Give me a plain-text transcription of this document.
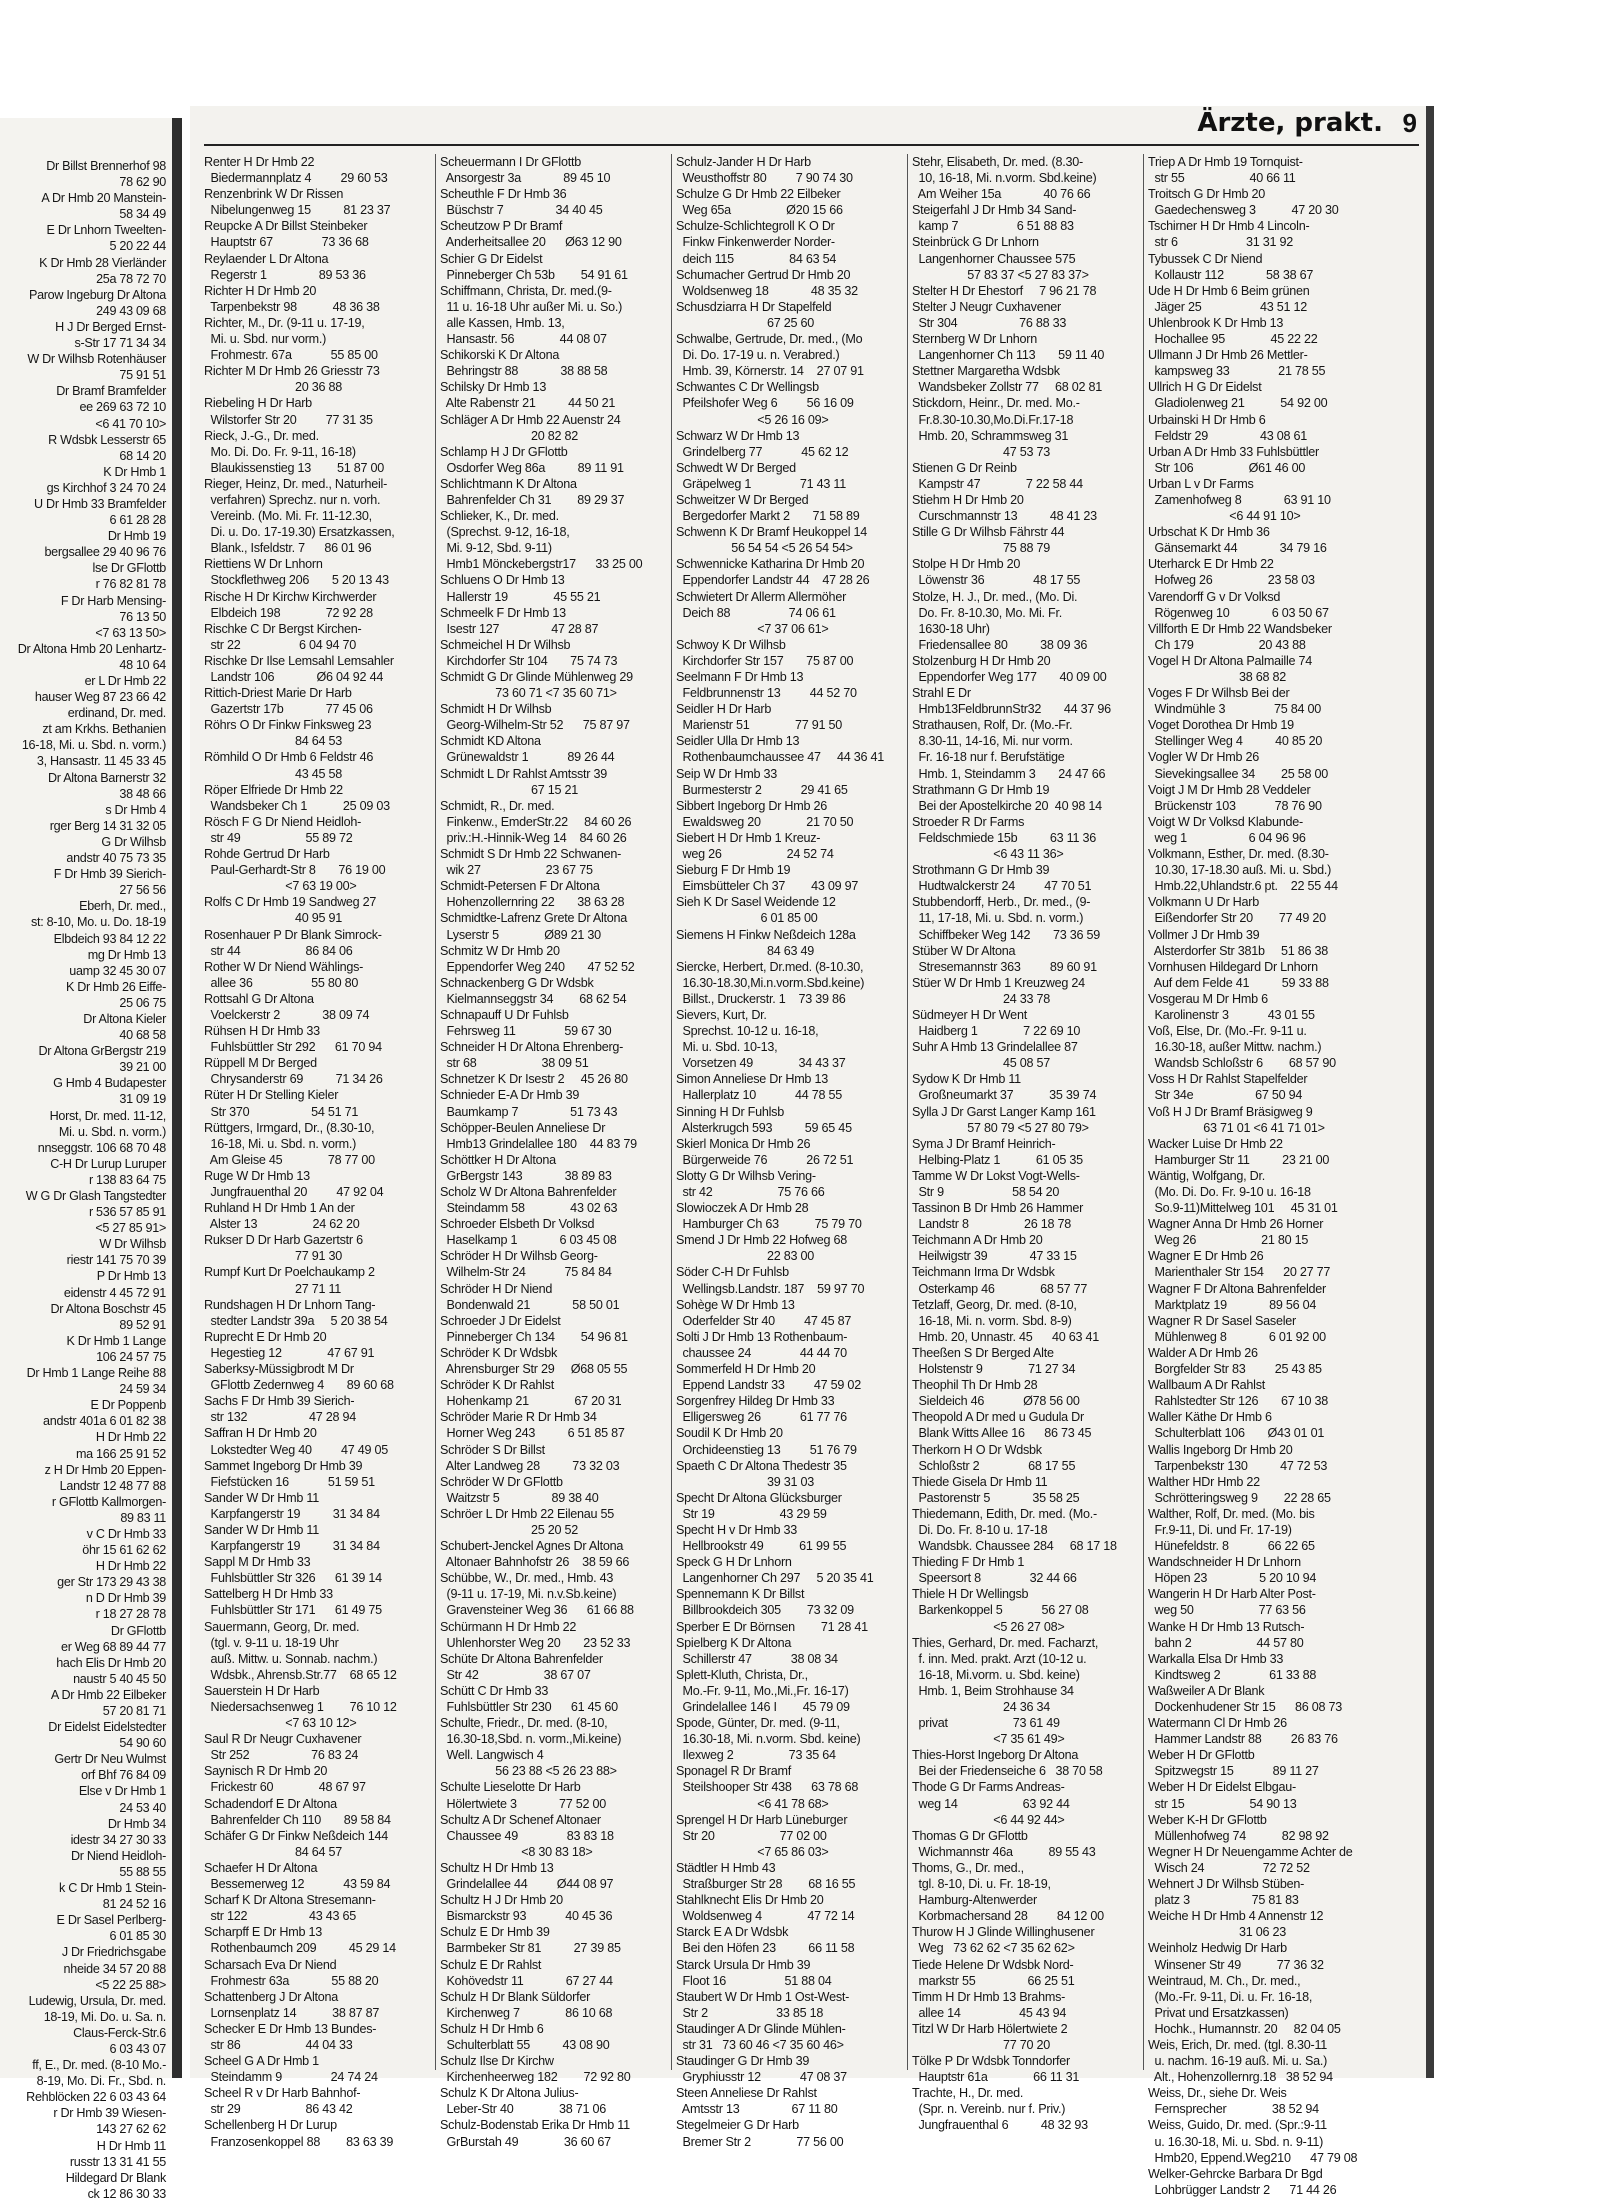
Dr Billst Brennerhof 98
78 62 90
A Dr Hmb 20 Manstein-
58 34 49
E Dr Lnhorn Tweelten-
5 20 22 44
K Dr Hmb 28 Vierländer
25a 78 72 70
Parow Ingeburg Dr Altona
249 43 09 68
H J Dr Berged Ernst-
s-Str 17 71 34 34
W Dr Wilhsb Rotenhäuser
75 91 51
Dr Bramf Bramfelder
ee 269 63 72 10
<6 41 70 10>
R Wdsbk Lesserstr 65
68 14 20
K Dr Hmb 1
gs Kirchhof 3 24 70 24
U Dr Hmb 33 Bramfelder
6 61 28 28
Dr Hmb 19
bergsallee 29 40 96 76
lse Dr GFlottb
r 76 82 81 78
F Dr Harb Mensing-
76 13 50
<7 63 13 50>
Dr Altona Hmb 20 Lenhartz-
48 10 64
er L Dr Hmb 22
hauser Weg 87 23 66 42
erdinand, Dr. med.
zt am Krkhs. Bethanien
16-18, Mi. u. Sbd. n. vorm.)
3, Hansastr. 11 45 33 45
Dr Altona Barnerstr 32
38 48 66
s Dr Hmb 4
rger Berg 14 31 32 05
G Dr Wilhsb
andstr 40 75 73 35
F Dr Hmb 39 Sierich-
27 56 56
Eberh, Dr. med.,
st: 8-10, Mo. u. Do. 18-19
Elbdeich 93 84 12 22
mg Dr Hmb 13
uamp 32 45 30 07
K Dr Hmb 26 Eiffe-
25 06 75
Dr Altona Kieler
40 68 58
Dr Altona GrBergstr 219
39 21 00
G Hmb 4 Budapester
31 09 19
Horst, Dr. med. 11-12,
Mi. u. Sbd. n. vorm.)
nnseggstr. 106 68 70 48
C-H Dr Lurup Luruper
r 138 83 64 75
W G Dr Glash Tangstedter
r 536 57 85 91
<5 27 85 91>
W Dr Wilhsb
riestr 141 75 70 39
P Dr Hmb 13
eidenstr 4 45 72 91
Dr Altona Boschstr 45
89 52 91
K Dr Hmb 1 Lange
106 24 57 75
Dr Hmb 1 Lange Reihe 88
24 59 34
E Dr Poppenb
andstr 401a 6 01 82 38
H Dr Hmb 22
ma 166 25 91 52
z H Dr Hmb 20 Eppen-
Landstr 12 48 77 88
r GFlottb Kallmorgen-
89 83 11
v C Dr Hmb 33
öhr 15 61 62 62
H Dr Hmb 22
ger Str 173 29 43 38
n D Dr Hmb 39
r 18 27 28 78
Dr GFlottb
er Weg 68 89 44 77
hach Elis Dr Hmb 20
naustr 5 40 45 50
A Dr Hmb 22 Eilbeker
57 20 81 71
Dr Eidelst Eidelstedter
54 90 60
Gertr Dr Neu Wulmst
orf Bhf 76 84 09
Else v Dr Hmb 1
24 53 40
Dr Hmb 34
idestr 34 27 30 33
Dr Niend Heidloh-
55 88 55
k C Dr Hmb 1 Stein-
81 24 52 16
E Dr Sasel Perlberg-
6 01 85 30
J Dr Friedrichsgabe
nheide 34 57 20 88
<5 22 25 88>
Ludewig, Ursula, Dr. med.
18-19, Mi. Do. u. Sa. n.
Claus-Ferck-Str.6
6 03 43 07
ff, E., Dr. med. (8-10 Mo.-
8-19, Mo. Di. Fr., Sbd. n.
Rehblöcken 22 6 03 43 64
r Dr Hmb 39 Wiesen-
143 27 62 62
H Dr Hmb 11
russtr 13 31 41 55
Hildegard Dr Blank
ck 12 86 30 33
Ärzte, prakt. 9
Renter H Dr Hmb 22
Biedermannplatz 4         29 60 53
Renzenbrink W Dr Rissen
Nibelungenweg 15          81 23 37
Reupcke A Dr Billst Steinbeker
Hauptstr 67               73 36 68
Reylaender L Dr Altona
Regerstr 1                89 53 36
Richter H Dr Hmb 20
Tarpenbekstr 98           48 36 38
Richter, M., Dr. (9-11 u. 17-19,
Mi. u. Sbd. nur vorm.)
Frohmestr. 67a            55 85 00
Richter M Dr Hmb 26 Griesstr 73
20 36 88
Riebeling H Dr Harb
Wilstorfer Str 20         77 31 35
Rieck, J.-G., Dr. med.
Mo. Di. Do. Fr. 9-11, 16-18)
Blaukissenstieg 13        51 87 00
Rieger, Heinz, Dr. med., Naturheil-
verfahren) Sprechz. nur n. vorh.
Vereinb. (Mo. Mi. Fr. 11-12.30,
Di. u. Do. 17-19.30) Ersatzkassen,
Blank., Isfeldstr. 7      86 01 96
Riettiens W Dr Lnhorn
Stockflethweg 206       5 20 13 43
Rische H Dr Kirchw Kirchwerder
Elbdeich 198              72 92 28
Rischke C Dr Bergst Kirchen-
str 22                  6 04 94 70
Rischke Dr Ilse Lemsahl Lemsahler
Landstr 106             Ø6 04 92 44
Rittich-Driest Marie Dr Harb
Gazertstr 17b             77 45 06
Röhrs O Dr Finkw Finksweg 23
84 64 53
Römhild O Dr Hmb 6 Feldstr 46
43 45 58
Röper Elfriede Dr Hmb 22
Wandsbeker Ch 1           25 09 03
Rösch F G Dr Niend Heidloh-
str 49                    55 89 72
Rohde Gertrud Dr Harb
Paul-Gerhardt-Str 8       76 19 00
<7 63 19 00>
Rolfs C Dr Hmb 19 Sandweg 27
40 95 91
Rosenhauer P Dr Blank Simrock-
str 44                    86 84 06
Rother W Dr Niend Wählings-
allee 36                  55 80 80
Rottsahl G Dr Altona
Voelckerstr 2             38 09 74
Rühsen H Dr Hmb 33
Fuhlsbüttler Str 292      61 70 94
Rüppell M Dr Berged
Chrysanderstr 69          71 34 26
Rüter H Dr Stelling Kieler
Str 370                   54 51 71
Rüttgers, Irmgard, Dr., (8.30-10,
16-18, Mi. u. Sbd. n. vorm.)
Am Gleise 45              78 77 00
Ruge W Dr Hmb 13
Jungfrauenthal 20         47 92 04
Ruhland H Dr Hmb 1 An der
Alster 13                 24 62 20
Rukser D Dr Harb Gazertstr 6
77 91 30
Rumpf Kurt Dr Poelchaukamp 2
27 71 11
Rundshagen H Dr Lnhorn Tang-
stedter Landstr 39a     5 20 38 54
Ruprecht E Dr Hmb 20
Hegestieg 12              47 67 91
Saberksy-Müssigbrodt M Dr
GFlottb Zedernweg 4       89 60 68
Sachs F Dr Hmb 39 Sierich-
str 132                   47 28 94
Saffran H Dr Hmb 20
Lokstedter Weg 40         47 49 05
Sammet Ingeborg Dr Hmb 39
Fiefstücken 16            51 59 51
Sander W Dr Hmb 11
Karpfangerstr 19          31 34 84
Sander W Dr Hmb 11
Karpfangerstr 19          31 34 84
Sappl M Dr Hmb 33
Fuhlsbüttler Str 326      61 39 14
Sattelberg H Dr Hmb 33
Fuhlsbüttler Str 171      61 49 75
Sauermann, Georg, Dr. med.
(tgl. v. 9-11 u. 18-19 Uhr
auß. Mittw. u. Sonnab. nachm.)
Wdsbk., Ahrensb.Str.77    68 65 12
Sauerstein H Dr Harb
Niedersachsenweg 1        76 10 12
<7 63 10 12>
Saul R Dr Neugr Cuxhavener
Str 252                   76 83 24
Saynisch R Dr Hmb 20
Frickestr 60              48 67 97
Schadendorf E Dr Altona
Bahrenfelder Ch 110       89 58 84
Schäfer G Dr Finkw Neßdeich 144
84 64 57
Schaefer H Dr Altona
Bessemerweg 12            43 59 84
Scharf K Dr Altona Stresemann-
str 122                   43 43 65
Scharpff E Dr Hmb 13
Rothenbaumch 209          45 29 14
Scharsach Eva Dr Niend
Frohmestr 63a             55 88 20
Schattenberg J Dr Altona
Lornsenplatz 14           38 87 87
Schecker E Dr Hmb 13 Bundes-
str 86                    44 04 33
Scheel G A Dr Hmb 1
Steindamm 9               24 74 24
Scheel R v Dr Harb Bahnhof-
str 29                    86 43 42
Schellenberg H Dr Lurup
Franzosenkoppel 88        83 63 39
Scheuermann I Dr GFlottb
Ansorgestr 3a             89 45 10
Scheuthle F Dr Hmb 36
Büschstr 7                34 40 45
Scheutzow P Dr Bramf
Anderheitsallee 20      Ø63 12 90
Schier G Dr Eidelst
Pinneberger Ch 53b        54 91 61
Schiffmann, Christa, Dr. med.(9-
11 u. 16-18 Uhr außer Mi. u. So.)
alle Kassen, Hmb. 13,
Hansastr. 56              44 08 07
Schikorski K Dr Altona
Behringstr 88             38 88 58
Schilsky Dr Hmb 13
Alte Rabenstr 21          44 50 21
Schläger A Dr Hmb 22 Auenstr 24
20 82 82
Schlamp H J Dr GFlottb
Osdorfer Weg 86a          89 11 91
Schlichtmann K Dr Altona
Bahrenfelder Ch 31        89 29 37
Schlieker, K., Dr. med.
(Sprechst. 9-12, 16-18,
Mi. 9-12, Sbd. 9-11)
Hmb1 Mönckebergstr17      33 25 00
Schluens O Dr Hmb 13
Hallerstr 19              45 55 21
Schmeelk F Dr Hmb 13
Isestr 127                47 28 87
Schmeichel H Dr Wilhsb
Kirchdorfer Str 104       75 74 73
Schmidt G Dr Glinde Mühlenweg 29
73 60 71 <7 35 60 71>
Schmidt H Dr Wilhsb
Georg-Wilhelm-Str 52      75 87 97
Schmidt KD Altona
Grünewaldstr 1            89 26 44
Schmidt L Dr Rahlst Amtsstr 39
67 15 21
Schmidt, R., Dr. med.
Finkenw., EmderStr.22     84 60 26
priv.:H.-Hinnik-Weg 14    84 60 26
Schmidt S Dr Hmb 22 Schwanen-
wik 27                    23 67 75
Schmidt-Petersen F Dr Altona
Hohenzollernring 22       38 63 28
Schmidtke-Lafrenz Grete Dr Altona
Lyserstr 5              Ø89 21 30
Schmitz W Dr Hmb 20
Eppendorfer Weg 240       47 52 52
Schnackenberg G Dr Wdsbk
Kielmannseggstr 34        68 62 54
Schnapauff U Dr Fuhlsb
Fehrsweg 11               59 67 30
Schneider H Dr Altona Ehrenberg-
str 68                    38 09 51
Schnetzer K Dr Isestr 2     45 26 80
Schnieder E-A Dr Hmb 39
Baumkamp 7                51 73 43
Schöpper-Beulen Anneliese Dr
Hmb13 Grindelallee 180    44 83 79
Schöttker H Dr Altona
GrBergstr 143             38 89 83
Scholz W Dr Altona Bahrenfelder
Steindamm 58              43 02 63
Schroeder Elsbeth Dr Volksd
Haselkamp 1             6 03 45 08
Schröder H Dr Wilhsb Georg-
Wilhelm-Str 24            75 84 84
Schröder H Dr Niend
Bondenwald 21             58 50 01
Schroeder J Dr Eidelst
Pinneberger Ch 134        54 96 81
Schröder K Dr Wdsbk
Ahrensburger Str 29     Ø68 05 55
Schröder K Dr Rahlst
Hohenkamp 21              67 20 31
Schröder Marie R Dr Hmb 34
Horner Weg 243          6 51 85 87
Schröder S Dr Billst
Alter Landweg 28          73 32 03
Schröder W Dr GFlottb
Waitzstr 5                89 38 40
Schröer L Dr Hmb 22 Eilenau 55
25 20 52
Schubert-Jenckel Agnes Dr Altona
Altonaer Bahnhofstr 26    38 59 66
Schübbe, W., Dr. med., Hmb. 43
(9-11 u. 17-19, Mi. n.v.Sb.keine)
Gravensteiner Weg 36      61 66 88
Schürmann H Dr Hmb 22
Uhlenhorster Weg 20       23 52 33
Schüte Dr Altona Bahrenfelder
Str 42                    38 67 07
Schütt C Dr Hmb 33
Fuhlsbüttler Str 230      61 45 60
Schulte, Friedr., Dr. med. (8-10,
16.30-18,Sbd. n. vorm.,Mi.keine)
Well. Langwisch 4
56 23 88 <5 26 23 88>
Schulte Lieselotte Dr Harb
Hölertwiete 3             77 52 00
Schultz A Dr Schenef Altonaer
Chaussee 49               83 83 18
<8 30 83 18>
Schultz H Dr Hmb 13
Grindelallee 44         Ø44 08 97
Schultz H J Dr Hmb 20
Bismarckstr 93            40 45 36
Schulz E Dr Hmb 39
Barmbeker Str 81          27 39 85
Schulz E Dr Rahlst
Kohövedstr 11             67 27 44
Schulz H Dr Blank Süldorfer
Kirchenweg 7              86 10 68
Schulz H Dr Hmb 6
Schulterblatt 55          43 08 90
Schulz Ilse Dr Kirchw
Kirchenheerweg 182        72 92 80
Schulz K Dr Altona Julius-
Leber-Str 40              38 71 06
Schulz-Bodenstab Erika Dr Hmb 11
GrBurstah 49              36 60 67
Schulz-Jander H Dr Harb
Weusthoffstr 80         7 90 74 30
Schulze G Dr Hmb 22 Eilbeker
Weg 65a                 Ø20 15 66
Schulze-Schlichtegroll K O Dr
Finkw Finkenwerder Norder-
deich 115                 84 63 54
Schumacher Gertrud Dr Hmb 20
Woldsenweg 18             48 35 32
Schusdziarra H Dr Stapelfeld
67 25 60
Schwalbe, Gertrude, Dr. med., (Mo
Di. Do. 17-19 u. n. Verabred.)
Hmb. 39, Körnerstr. 14    27 07 91
Schwantes C Dr Wellingsb
Pfeilshofer Weg 6         56 16 09
<5 26 16 09>
Schwarz W Dr Hmb 13
Grindelberg 77            45 62 12
Schwedt W Dr Berged
Gräpelweg 1               71 43 11
Schweitzer W Dr Berged
Bergedorfer Markt 2       71 58 89
Schwenn K Dr Bramf Heukoppel 14
56 54 54 <5 26 54 54>
Schwennicke Katharina Dr Hmb 20
Eppendorfer Landstr 44    47 28 26
Schwietert Dr Allerm Allermöher
Deich 88                  74 06 61
<7 37 06 61>
Schwoy K Dr Wilhsb
Kirchdorfer Str 157       75 87 00
Seelmann F Dr Hmb 13
Feldbrunnenstr 13         44 52 70
Seidler H Dr Harb
Marienstr 51              77 91 50
Seidler Ulla Dr Hmb 13
Rothenbaumchaussee 47     44 36 41
Seip W Dr Hmb 33
Burmesterstr 2            29 41 65
Sibbert Ingeborg Dr Hmb 26
Ewaldsweg 20              21 70 50
Siebert H Dr Hmb 1 Kreuz-
weg 26                    24 52 74
Sieburg F Dr Hmb 19
Eimsbütteler Ch 37        43 09 97
Sieh K Dr Sasel Weidende 12
6 01 85 00
Siemens H Finkw Neßdeich 128a
84 63 49
Siercke, Herbert, Dr.med. (8-10.30,
16.30-18.30,Mi.n.vorm.Sbd.keine)
Billst., Druckerstr. 1    73 39 86
Sievers, Kurt, Dr.
Sprechst. 10-12 u. 16-18,
Mi. u. Sbd. 10-13,
Vorsetzen 49              34 43 37
Simon Anneliese Dr Hmb 13
Hallerplatz 10            44 78 55
Sinning H Dr Fuhlsb
Alsterkrugch 593          59 65 45
Skierl Monica Dr Hmb 26
Bürgerweide 76            26 72 51
Slotty G Dr Wilhsb Vering-
str 42                    75 76 66
Slowioczek A Dr Hmb 28
Hamburger Ch 63           75 79 70
Smend J Dr Hmb 22 Hofweg 68
22 83 00
Söder C-H Dr Fuhlsb
Wellingsb.Landstr. 187    59 97 70
Sohège W Dr Hmb 13
Oderfelder Str 40         47 45 87
Solti J Dr Hmb 13 Rothenbaum-
chaussee 24               44 44 70
Sommerfeld H Dr Hmb 20
Eppend Landstr 33         47 59 02
Sorgenfrey Hildeg Dr Hmb 33
Elligersweg 26            61 77 76
Soudil K Dr Hmb 20
Orchideenstieg 13         51 76 79
Spaeth C Dr Altona Thedestr 35
39 31 03
Specht Dr Altona Glücksburger
Str 19                    43 29 59
Specht H v Dr Hmb 33
Hellbrookstr 49           61 99 55
Speck G H Dr Lnhorn
Langenhorner Ch 297     5 20 35 41
Spennemann K Dr Billst
Billbrookdeich 305        73 32 09
Sperber E Dr Börnsen        71 28 41
Spielberg K Dr Altona
Schillerstr 47            38 08 34
Splett-Kluth, Christa, Dr.,
Mo.-Fr. 9-11, Mo.,Mi.,Fr. 16-17)
Grindelallee 146 I        45 79 09
Spode, Günter, Dr. med. (9-11,
16.30-18, Mi. n.vorm. Sbd. keine)
Ilexweg 2                 73 35 64
Sponagel R Dr Bramf
Steilshooper Str 438      63 78 68
<6 41 78 68>
Sprengel H Dr Harb Lüneburger
Str 20                    77 02 00
<7 65 86 03>
Städtler H Hmb 43
Straßburger Str 28        68 16 55
Stahlknecht Elis Dr Hmb 20
Woldsenweg 4              47 72 14
Starck E A Dr Wdsbk
Bei den Höfen 23          66 11 58
Starck Ursula Dr Hmb 39
Floot 16                  51 88 04
Staubert W Dr Hmb 1 Ost-West-
Str 2                     33 85 18
Staudinger A Dr Glinde Mühlen-
str 31   73 60 46 <7 35 60 46>
Staudinger G Dr Hmb 39
Gryphiusstr 12            47 08 37
Steen Anneliese Dr Rahlst
Amtsstr 13                67 11 80
Stegelmeier G Dr Harb
Bremer Str 2              77 56 00
Stehr, Elisabeth, Dr. med. (8.30-
10, 16-18, Mi. n.vorm. Sbd.keine)
Am Weiher 15a             40 76 66
Steigerfahl J Dr Hmb 34 Sand-
kamp 7                  6 51 88 83
Steinbrück G Dr Lnhorn
Langenhorner Chaussee 575
57 83 37 <5 27 83 37>
Stelter H Dr Ehestorf     7 96 21 78
Stelter J Neugr Cuxhavener
Str 304                   76 88 33
Sternberg W Dr Lnhorn
Langenhorner Ch 113       59 11 40
Stettner Margaretha Wdsbk
Wandsbeker Zollstr 77     68 02 81
Stickdorn, Heinr., Dr. med. Mo.-
Fr.8.30-10.30,Mo.Di.Fr.17-18
Hmb. 20, Schrammsweg 31
47 53 73
Stienen G Dr Reinb
Kampstr 47              7 22 58 44
Stiehm H Dr Hmb 20
Curschmannstr 13          48 41 23
Stille G Dr Wilhsb Fährstr 44
75 88 79
Stolpe H Dr Hmb 20
Löwenstr 36               48 17 55
Stolze, H. J., Dr. med., (Mo. Di.
Do. Fr. 8-10.30, Mo. Mi. Fr.
1630-18 Uhr)
Friedensallee 80          38 09 36
Stolzenburg H Dr Hmb 20
Eppendorfer Weg 177       40 09 00
Strahl E Dr
Hmb13FeldbrunnStr32       44 37 96
Strathausen, Rolf, Dr. (Mo.-Fr.
8.30-11, 14-16, Mi. nur vorm.
Fr. 16-18 nur f. Berufstätige
Hmb. 1, Steindamm 3       24 47 66
Strathmann G Dr Hmb 19
Bei der Apostelkirche 20  40 98 14
Stroeder R Dr Farms
Feldschmiede 15b          63 11 36
<6 43 11 36>
Strothmann G Dr Hmb 39
Hudtwalckerstr 24         47 70 51
Stubbendorff, Herb., Dr. med., (9-
11, 17-18, Mi. u. Sbd. n. vorm.)
Schiffbeker Weg 142       73 36 59
Stüber W Dr Altona
Stresemannstr 363         89 60 91
Stüer W Dr Hmb 1 Kreuzweg 24
24 33 78
Südmeyer H Dr Went
Haidberg 1              7 22 69 10
Suhr A Hmb 13 Grindelallee 87
45 08 57
Sydow K Dr Hmb 11
Großneumarkt 37           35 39 74
Sylla J Dr Garst Langer Kamp 161
57 80 79 <5 27 80 79>
Syma J Dr Bramf Heinrich-
Helbing-Platz 1           61 05 35
Tamme W Dr Lokst Vogt-Wells-
Str 9                     58 54 20
Tassinon B Dr Hmb 26 Hammer
Landstr 8                 26 18 78
Teichmann A Dr Hmb 20
Heilwigstr 39             47 33 15
Teichmann Irma Dr Wdsbk
Osterkamp 46              68 57 77
Tetzlaff, Georg, Dr. med. (8-10,
16-18, Mi. n. vorm. Sbd. 8-9)
Hmb. 20, Unnastr. 45      40 63 41
Theeßen S Dr Berged Alte
Holstenstr 9              71 27 34
Theophil Th Dr Hmb 28
Sieldeich 46            Ø78 56 00
Theopold A Dr med u Gudula Dr
Blank Witts Allee 16      86 73 45
Therkorn H O Dr Wdsbk
Schloßstr 2               68 17 55
Thiede Gisela Dr Hmb 11
Pastorenstr 5             35 58 25
Thiedemann, Edith, Dr. med. (Mo.-
Di. Do. Fr. 8-10 u. 17-18
Wandsbk. Chaussee 284     68 17 18
Thieding F Dr Hmb 1
Speersort 8               32 44 66
Thiele H Dr Wellingsb
Barkenkoppel 5            56 27 08
<5 26 27 08>
Thies, Gerhard, Dr. med. Facharzt,
f. inn. Med. prakt. Arzt (10-12 u.
16-18, Mi.vorm. u. Sbd. keine)
Hmb. 1, Beim Strohhause 34
24 36 34
privat                    73 61 49
<7 35 61 49>
Thies-Horst Ingeborg Dr Altona
Bei der Friedenseiche 6   38 70 58
Thode G Dr Farms Andreas-
weg 14                    63 92 44
<6 44 92 44>
Thomas G Dr GFlottb
Wichmannstr 46a           89 55 43
Thoms, G., Dr. med.,
tgl. 8-10, Di. u. Fr. 18-19,
Hamburg-Altenwerder
Korbmachersand 28         84 12 00
Thurow H J Glinde Willinghusener
Weg   73 62 62 <7 35 62 62>
Tiede Helene Dr Wdsbk Nord-
markstr 55                66 25 51
Timm H Dr Hmb 13 Brahms-
allee 14                  45 43 94
Titzl W Dr Harb Hölertwiete 2
77 70 20
Tölke P Dr Wdsbk Tonndorfer
Hauptstr 61a              66 11 31
Trachte, H., Dr. med.
(Spr. n. Vereinb. nur f. Priv.)
Jungfrauenthal 6          48 32 93
Triep A Dr Hmb 19 Tornquist-
str 55                    40 66 11
Troitsch G Dr Hmb 20
Gaedechensweg 3           47 20 30
Tschirner H Dr Hmb 4 Lincoln-
str 6                     31 31 92
Tybussek C Dr Niend
Kollaustr 112             58 38 67
Ude H Dr Hmb 6 Beim grünen
Jäger 25                  43 51 12
Uhlenbrook K Dr Hmb 13
Hochallee 95              45 22 22
Ullmann J Dr Hmb 26 Mettler-
kampsweg 33               21 78 55
Ullrich H G Dr Eidelst
Gladiolenweg 21           54 92 00
Urbainski H Dr Hmb 6
Feldstr 29                43 08 61
Urban A Dr Hmb 33 Fuhlsbüttler
Str 106                 Ø61 46 00
Urban L v Dr Farms
Zamenhofweg 8             63 91 10
<6 44 91 10>
Urbschat K Dr Hmb 36
Gänsemarkt 44             34 79 16
Uterharck E Dr Hmb 22
Hofweg 26                 23 58 03
Varendorff G v Dr Volksd
Rögenweg 10             6 03 50 67
Villforth E Dr Hmb 22 Wandsbeker
Ch 179                    20 43 88
Vogel H Dr Altona Palmaille 74
38 68 82
Voges F Dr Wilhsb Bei der
Windmühle 3               75 84 00
Voget Dorothea Dr Hmb 19
Stellinger Weg 4          40 85 20
Vogler W Dr Hmb 26
Sievekingsallee 34        25 58 00
Voigt J M Dr Hmb 28 Veddeler
Brückenstr 103            78 76 90
Voigt W Dr Volksd Klabunde-
weg 1                   6 04 96 96
Volkmann, Esther, Dr. med. (8.30-
10.30, 17-18.30 auß. Mi. u. Sbd.)
Hmb.22,Uhlandstr.6 pt.    22 55 44
Volkmann U Dr Harb
Eißendorfer Str 20        77 49 20
Vollmer J Dr Hmb 39
Alsterdorfer Str 381b     51 86 38
Vornhusen Hildegard Dr Lnhorn
Auf dem Felde 41          59 33 88
Vosgerau M Dr Hmb 6
Karolinenstr 3            43 01 55
Voß, Else, Dr. (Mo.-Fr. 9-11 u.
16.30-18, außer Mittw. nachm.)
Wandsb Schloßstr 6        68 57 90
Voss H Dr Rahlst Stapelfelder
Str 34e                   67 50 94
Voß H J Dr Bramf Bräsigweg 9
63 71 01 <6 41 71 01>
Wacker Luise Dr Hmb 22
Hamburger Str 11          23 21 00
Wäntig, Wolfgang, Dr.
(Mo. Di. Do. Fr. 9-10 u. 16-18
So.9-11)Mittelweg 101     45 31 01
Wagner Anna Dr Hmb 26 Horner
Weg 26                    21 80 15
Wagner E Dr Hmb 26
Marienthaler Str 154      20 27 77
Wagner F Dr Altona Bahrenfelder
Marktplatz 19             89 56 04
Wagner R Dr Sasel Saseler
Mühlenweg 8             6 01 92 00
Walder A Dr Hmb 26
Borgfelder Str 83         25 43 85
Wallbaum A Dr Rahlst
Rahlstedter Str 126       67 10 38
Waller Käthe Dr Hmb 6
Schulterblatt 106       Ø43 01 01
Wallis Ingeborg Dr Hmb 20
Tarpenbekstr 130          47 72 53
Walther HDr Hmb 22
Schrötteringsweg 9        22 28 65
Walther, Rolf, Dr. med. (Mo. bis
Fr.9-11, Di. und Fr. 17-19)
Hünefeldstr. 8            66 22 65
Wandschneider H Dr Lnhorn
Höpen 23                5 20 10 94
Wangerin H Dr Harb Alter Post-
weg 50                    77 63 56
Wanke H Dr Hmb 13 Rutsch-
bahn 2                    44 57 80
Warkalla Elsa Dr Hmb 33
Kindtsweg 2               61 33 88
Waßweiler A Dr Blank
Dockenhudener Str 15      86 08 73
Watermann Cl Dr Hmb 26
Hammer Landstr 88         26 83 76
Weber H Dr GFlottb
Spitzwegstr 15            89 11 27
Weber H Dr Eidelst Elbgau-
str 15                    54 90 13
Weber K-H Dr GFlottb
Müllenhofweg 74           82 98 92
Wegner H Dr Neuengamme Achter de
Wisch 24                  72 72 52
Wehnert J Dr Wilhsb Stüben-
platz 3                   75 81 83
Weiche H Dr Hmb 4 Annenstr 12
31 06 23
Weinholz Hedwig Dr Harb
Winsener Str 49           77 36 32
Weintraud, M. Ch., Dr. med.,
(Mo.-Fr. 9-11, Di. u. Fr. 16-18,
Privat und Ersatzkassen)
Hochk., Humannstr. 20     82 04 05
Weis, Erich, Dr. med. (tgl. 8.30-11
u. nachm. 16-19 auß. Mi. u. Sa.)
Alt., Hohenzollernrg.18   38 52 94
Weiss, Dr., siehe Dr. Weis
Fernsprecher              38 52 94
Weiss, Guido, Dr. med. (Spr.:9-11
u. 16.30-18, Mi. u. Sbd. n. 9-11)
Hmb20, Eppend.Weg210      47 79 08
Welker-Gehrcke Barbara Dr Bgd
Lohbrügger Landstr 2      71 44 26
